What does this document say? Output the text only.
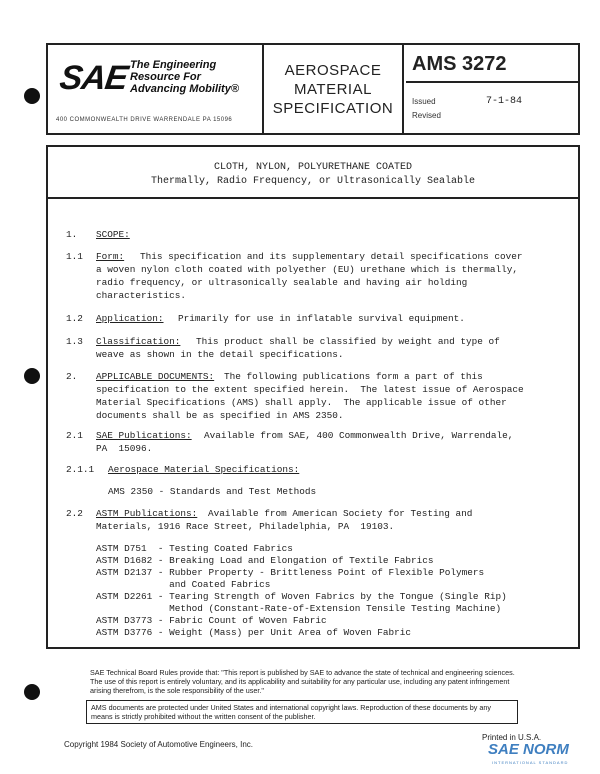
SAE The Engineering
Resource For
Advancing Mobility®
400 COMMONWEALTH DRIVE WARRENDALE PA 15096
AEROSPACE
MATERIAL
SPECIFICATION
AMS 3272
Issued	7-1-84
Revised
CLOTH, NYLON, POLYURETHANE COATED
Thermally, Radio Frequency, or Ultrasonically Sealable
1. SCOPE:
1.1 Form: This specification and its supplementary detail specifications cover
a woven nylon cloth coated with polyether (EU) urethane which is thermally,
radio frequency, or ultrasonically sealable and having air holding
characteristics.
1.2 Application: Primarily for use in inflatable survival equipment.
1.3 Classification: This product shall be classified by weight and type of
weave as shown in the detail specifications.
2. APPLICABLE DOCUMENTS: The following publications form a part of this
specification to the extent specified herein.  The latest issue of Aerospace
Material Specifications (AMS) shall apply.  The applicable issue of other
documents shall be as specified in AMS 2350.
2.1 SAE Publications: Available from SAE, 400 Commonwealth Drive, Warrendale,
PA  15096.
2.1.1 Aerospace Material Specifications:
AMS 2350 - Standards and Test Methods
2.2 ASTM Publications: Available from American Society for Testing and
Materials, 1916 Race Street, Philadelphia, PA  19103.
ASTM D751  - Testing Coated Fabrics
ASTM D1682 - Breaking Load and Elongation of Textile Fabrics
ASTM D2137 - Rubber Property - Brittleness Point of Flexible Polymers
and Coated Fabrics
ASTM D2261 - Tearing Strength of Woven Fabrics by the Tongue (Single Rip)
Method (Constant-Rate-of-Extension Tensile Testing Machine)
ASTM D3773 - Fabric Count of Woven Fabric
ASTM D3776 - Weight (Mass) per Unit Area of Woven Fabric
SAE Technical Board Rules provide that: "This report is published by SAE to advance the state of technical and engineering sciences. The use of this report is entirely voluntary, and its applicability and suitability for any particular use, including any patent infringement arising therefrom, is the sole responsibility of the user."
AMS documents are protected under United States and international copyright laws. Reproduction of these documents by any means is strictly prohibited without the written consent of the publisher.
Copyright 1984 Society of Automotive Engineers, Inc.
Printed in U.S.A.
SAE NORM
INTERNATIONAL STANDARD
